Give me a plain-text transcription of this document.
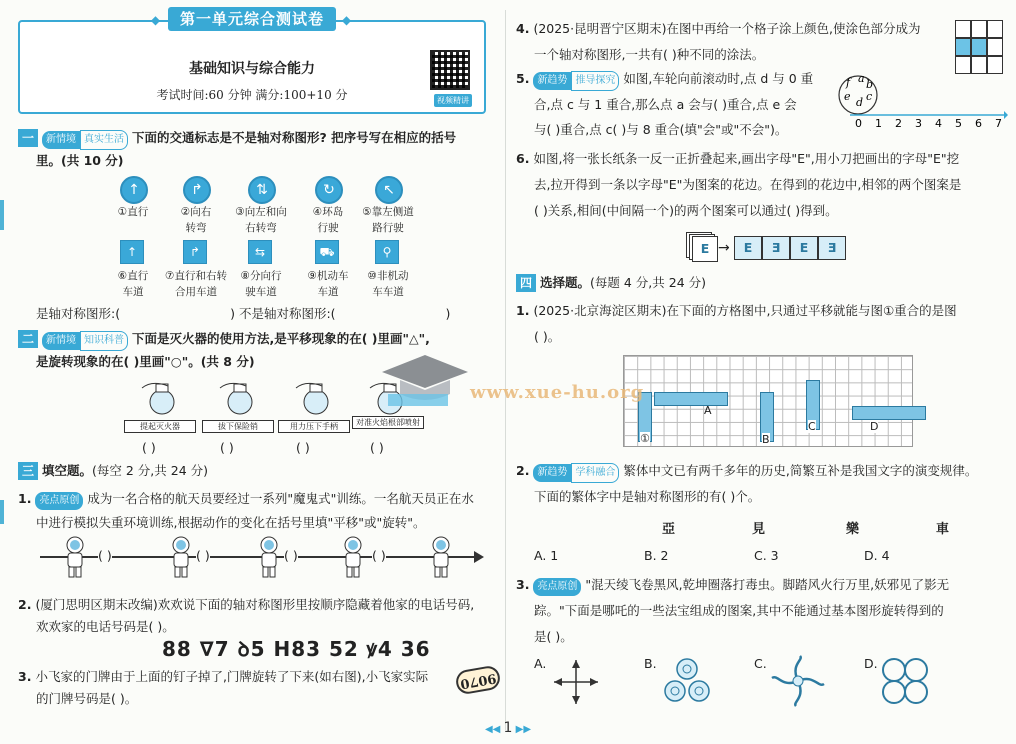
— — — — — — ◆ 第一单元综合测试卷 ◆ — — — — — —
基础知识与综合能力
考试时间:60 分钟 满分:100+10 分	视频精讲
一 新情境 真实生活 下面的交通标志是不是轴对称图形? 把序号写在相应的括号
里。(共 10 分)
↑
①直行
↱
②向右
转弯
⇅
③向左和向
右转弯
↻
④环岛
行驶
↖
⑤靠左侧道
路行驶
↑
⑥直行
车道
↱
⑦直行和右转
合用车道
⇆
⑧分向行
驶车道
⛟
⑨机动车
车道
⚲
⑩非机动
车车道
是轴对称图形:(	) 不是轴对称图形:(	)
二 新情境 知识科普 下面是灭火器的使用方法,是平移现象的在( )里画"△",
是旋转现象的在( )里画"○"。(共 8 分)
提起灭火器
( )
拔下保险销
( )
用力压下手柄
( )
对准火焰根部喷射
( )
三 填空题。(每空 2 分,共 24 分)
1. 亮点原创 成为一名合格的航天员要经过一系列"魔鬼式"训练。一名航天员正在水
中进行模拟失重环境训练,根据动作的变化在括号里填"平移"或"旋转"。
( )	( )	( )	( )
2. (厦门思明区期末改编)欢欢说下面的轴对称图形里按顺序隐藏着他家的电话号码,
欢欢家的电话号码是( )。
88 ∇7 ꝺ5 H83 52 ꝟ4 36
3. 小飞家的门牌由于上面的钉子掉了,门牌旋转了下来(如右图),小飞家实际
的门牌号码是( )。
9070
4. (2025·昆明晋宁区期末)在图中再给一个格子涂上颜色,使涂色部分成为
一个轴对称图形,一共有( )种不同的涂法。
5. 新趋势 推导探究 如图,车轮向前滚动时,点 d 与 0 重
合,点 c 与 1 重合,那么点 a 会与( )重合,点 e 会
与( )重合,点 c( )与 8 重合(填"会"或"不会")。
f a b
e c
d
0 1 2 3 4 5 6 7
6. 如图,将一张长纸条一反一正折叠起来,画出字母"E",用小刀把画出的字母"E"挖
去,拉开得到一条以字母"E"为图案的花边。在得到的花边中,相邻的两个图案是
( )关系,相间(中间隔一个)的两个图案可以通过( )得到。
E →	E	E	E	E
四 选择题。(每题 4 分,共 24 分)
1. (2025·北京海淀区期末)在下面的方格图中,只通过平移就能与图①重合的是图
( )。
①
A
B
C	D
2. 新趋势 学科融合 繁体中文已有两千多年的历史,简繁互补是我国文字的演变规律。
下面的繁体字中是轴对称图形的有( )个。
亞	見	樂	車
A. 1	B. 2	C. 3	D. 4
3. 亮点原创 "混天绫飞卷黑风,乾坤圈落打毒虫。脚踏风火行万里,妖邪见了影无
踪。"下面是哪吒的一些法宝组成的图案,其中不能通过基本图形旋转得到的
是( )。
A.	B.	C.	D.
www.xue-hu.org
◀◀ 1 ▶▶
